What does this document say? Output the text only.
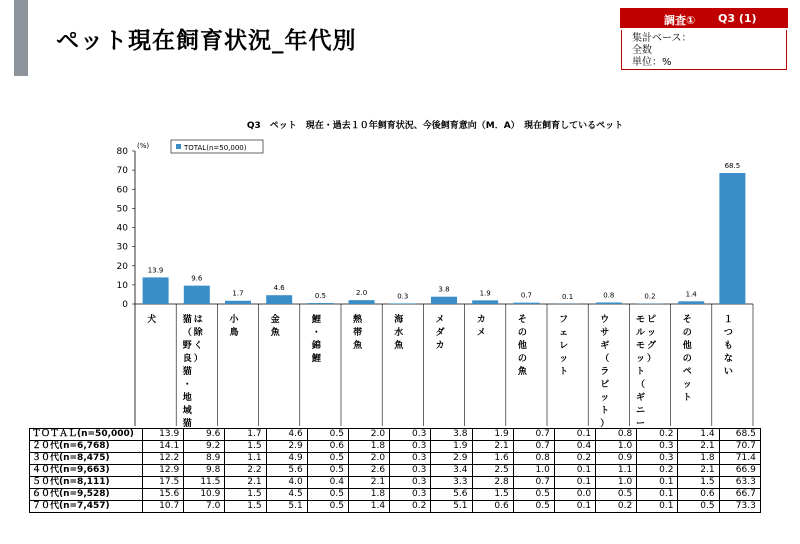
ペット現在飼育状況_年代別
調査① Q3 (1)
集計ベース：
全数
単位：%
Q3　ペット　現在・過去１０年飼育状況、今後飼育意向（M．A）　現在飼育しているペット
(%)	TOTAL(n=50,000)
80
70
60
50
40
30
20
10
0
13.9
犬
9.6
猫（野良猫・地域猫
は除く）
1.7
小鳥
4.6
金魚
0.5
鯉・錦鯉
2.0
熱帯魚
0.3
海水魚
3.8
メダカ
1.9
カメ
0.7
その他の魚
0.1
フェレット
0.8
ウサギ（ラビット）
0.2
モルモット（ギニー
ピッグ）
1.4
その他のペット
68.5
１つもない
ＴＯＴＡＬ(n=50,000)	13.9	9.6	1.7	4.6	0.5	2.0	0.3	3.8	1.9	0.7	0.1	0.8	0.2	1.4	68.5
２０代(n=6,768)	14.1	9.2	1.5	2.9	0.6	1.8	0.3	1.9	2.1	0.7	0.4	1.0	0.3	2.1	70.7
３０代(n=8,475)	12.2	8.9	1.1	4.9	0.5	2.0	0.3	2.9	1.6	0.8	0.2	0.9	0.3	1.8	71.4
４０代(n=9,663)	12.9	9.8	2.2	5.6	0.5	2.6	0.3	3.4	2.5	1.0	0.1	1.1	0.2	2.1	66.9
５０代(n=8,111)	17.5	11.5	2.1	4.0	0.4	2.1	0.3	3.3	2.8	0.7	0.1	1.0	0.1	1.5	63.3
６０代(n=9,528)	15.6	10.9	1.5	4.5	0.5	1.8	0.3	5.6	1.5	0.5	0.0	0.5	0.1	0.6	66.7
７０代(n=7,457)	10.7	7.0	1.5	5.1	0.5	1.4	0.2	5.1	0.6	0.5	0.1	0.2	0.1	0.5	73.3
